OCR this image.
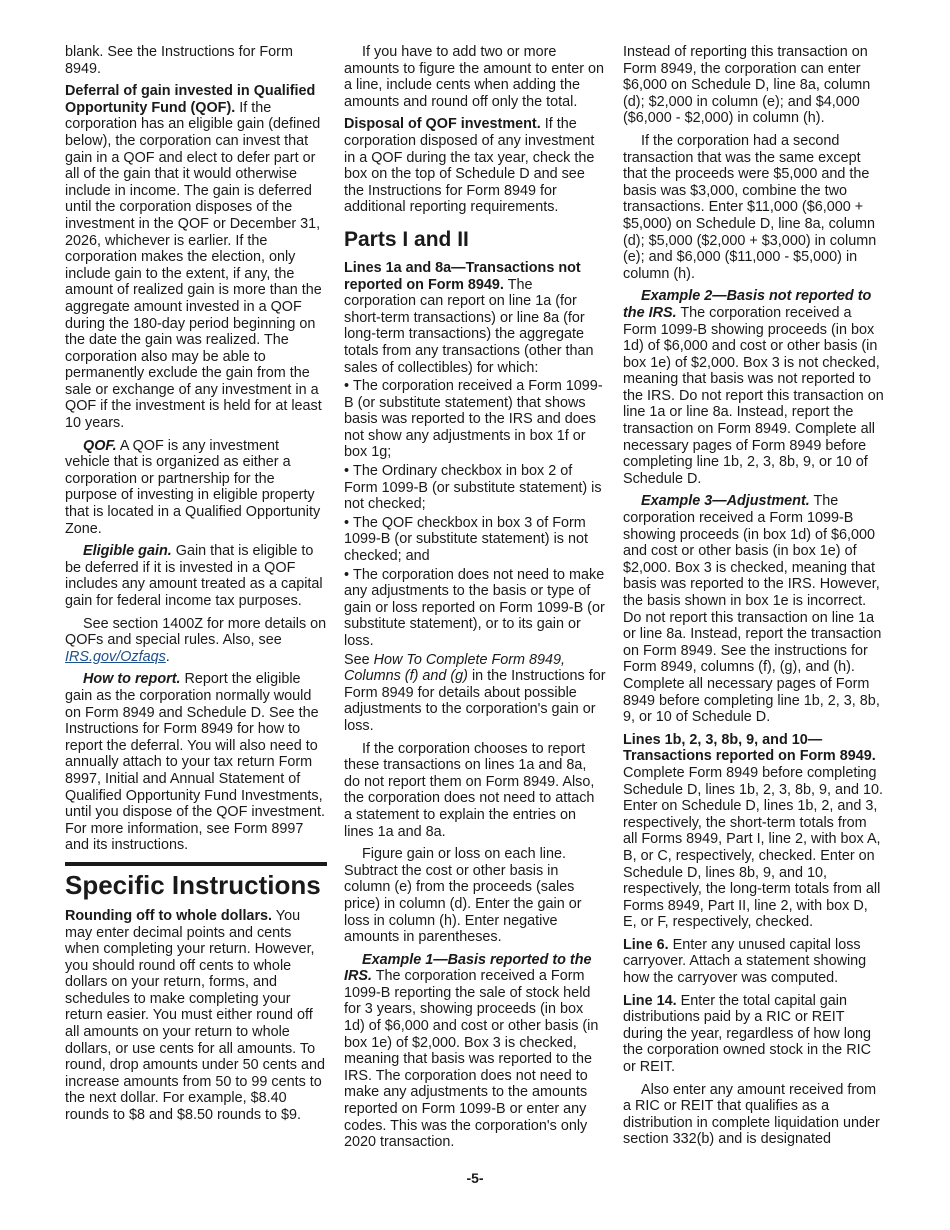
blank. See the Instructions for Form 8949.

Deferral of gain invested in Qualified Opportunity Fund (QOF). If the corporation has an eligible gain (defined below), the corporation can invest that gain in a QOF and elect to defer part or all of the gain that it would otherwise include in income. The gain is deferred until the corporation disposes of the investment in the QOF or December 31, 2026, whichever is earlier. If the corporation makes the election, only include gain to the extent, if any, the amount of realized gain is more than the aggregate amount invested in a QOF during the 180-day period beginning on the date the gain was realized. The corporation also may be able to permanently exclude the gain from the sale or exchange of any investment in a QOF if the investment is held for at least 10 years.

QOF. A QOF is any investment vehicle that is organized as either a corporation or partnership for the purpose of investing in eligible property that is located in a Qualified Opportunity Zone.

Eligible gain. Gain that is eligible to be deferred if it is invested in a QOF includes any amount treated as a capital gain for federal income tax purposes.

See section 1400Z for more details on QOFs and special rules. Also, see IRS.gov/Ozfaqs.

How to report. Report the eligible gain as the corporation normally would on Form 8949 and Schedule D. See the Instructions for Form 8949 for how to report the deferral. You will also need to annually attach to your tax return Form 8997, Initial and Annual Statement of Qualified Opportunity Fund Investments, until you dispose of the QOF investment. For more information, see Form 8997 and its instructions.

Specific Instructions

Rounding off to whole dollars. You may enter decimal points and cents when completing your return. However, you should round off cents to whole dollars on your return, forms, and schedules to make completing your return easier. You must either round off all amounts on your return to whole dollars, or use cents for all amounts. To round, drop amounts under 50 cents and increase amounts from 50 to 99 cents to the next dollar. For example, $8.40 rounds to $8 and $8.50 rounds to $9.

If you have to add two or more amounts to figure the amount to enter on a line, include cents when adding the amounts and round off only the total.

Disposal of QOF investment. If the corporation disposed of any investment in a QOF during the tax year, check the box on the top of Schedule D and see the Instructions for Form 8949 for additional reporting requirements.

Parts I and II

Lines 1a and 8a—Transactions not reported on Form 8949. The corporation can report on line 1a (for short-term transactions) or line 8a (for long-term transactions) the aggregate totals from any transactions (other than sales of collectibles) for which:

• The corporation received a Form 1099-B (or substitute statement) that shows basis was reported to the IRS and does not show any adjustments in box 1f or box 1g;
• The Ordinary checkbox in box 2 of Form 1099-B (or substitute statement) is not checked;
• The QOF checkbox in box 3 of Form 1099-B (or substitute statement) is not checked; and
• The corporation does not need to make any adjustments to the basis or type of gain or loss reported on Form 1099-B (or substitute statement), or to its gain or loss.

See How To Complete Form 8949, Columns (f) and (g) in the Instructions for Form 8949 for details about possible adjustments to the corporation's gain or loss.

If the corporation chooses to report these transactions on lines 1a and 8a, do not report them on Form 8949. Also, the corporation does not need to attach a statement to explain the entries on lines 1a and 8a.

Figure gain or loss on each line. Subtract the cost or other basis in column (e) from the proceeds (sales price) in column (d). Enter the gain or loss in column (h). Enter negative amounts in parentheses.

Example 1—Basis reported to the IRS. The corporation received a Form 1099-B reporting the sale of stock held for 3 years, showing proceeds (in box 1d) of $6,000 and cost or other basis (in box 1e) of $2,000. Box 3 is checked, meaning that basis was reported to the IRS. The corporation does not need to make any adjustments to the amounts reported on Form 1099-B or enter any codes. This was the corporation's only 2020 transaction.

Instead of reporting this transaction on Form 8949, the corporation can enter $6,000 on Schedule D, line 8a, column (d); $2,000 in column (e); and $4,000 ($6,000 - $2,000) in column (h).

If the corporation had a second transaction that was the same except that the proceeds were $5,000 and the basis was $3,000, combine the two transactions. Enter $11,000 ($6,000 + $5,000) on Schedule D, line 8a, column (d); $5,000 ($2,000 + $3,000) in column (e); and $6,000 ($11,000 - $5,000) in column (h).

Example 2—Basis not reported to the IRS. The corporation received a Form 1099-B showing proceeds (in box 1d) of $6,000 and cost or other basis (in box 1e) of $2,000. Box 3 is not checked, meaning that basis was not reported to the IRS. Do not report this transaction on line 1a or line 8a. Instead, report the transaction on Form 8949. Complete all necessary pages of Form 8949 before completing line 1b, 2, 3, 8b, 9, or 10 of Schedule D.

Example 3—Adjustment. The corporation received a Form 1099-B showing proceeds (in box 1d) of $6,000 and cost or other basis (in box 1e) of $2,000. Box 3 is checked, meaning that basis was reported to the IRS. However, the basis shown in box 1e is incorrect. Do not report this transaction on line 1a or line 8a. Instead, report the transaction on Form 8949. See the instructions for Form 8949, columns (f), (g), and (h). Complete all necessary pages of Form 8949 before completing line 1b, 2, 3, 8b, 9, or 10 of Schedule D.

Lines 1b, 2, 3, 8b, 9, and 10—Transactions reported on Form 8949. Complete Form 8949 before completing Schedule D, lines 1b, 2, 3, 8b, 9, and 10. Enter on Schedule D, lines 1b, 2, and 3, respectively, the short-term totals from all Forms 8949, Part I, line 2, with box A, B, or C, respectively, checked. Enter on Schedule D, lines 8b, 9, and 10, respectively, the long-term totals from all Forms 8949, Part II, line 2, with box D, E, or F, respectively, checked.

Line 6. Enter any unused capital loss carryover. Attach a statement showing how the carryover was computed.

Line 14. Enter the total capital gain distributions paid by a RIC or REIT during the year, regardless of how long the corporation owned stock in the RIC or REIT.

Also enter any amount received from a RIC or REIT that qualifies as a distribution in complete liquidation under section 332(b) and is designated

-5-
